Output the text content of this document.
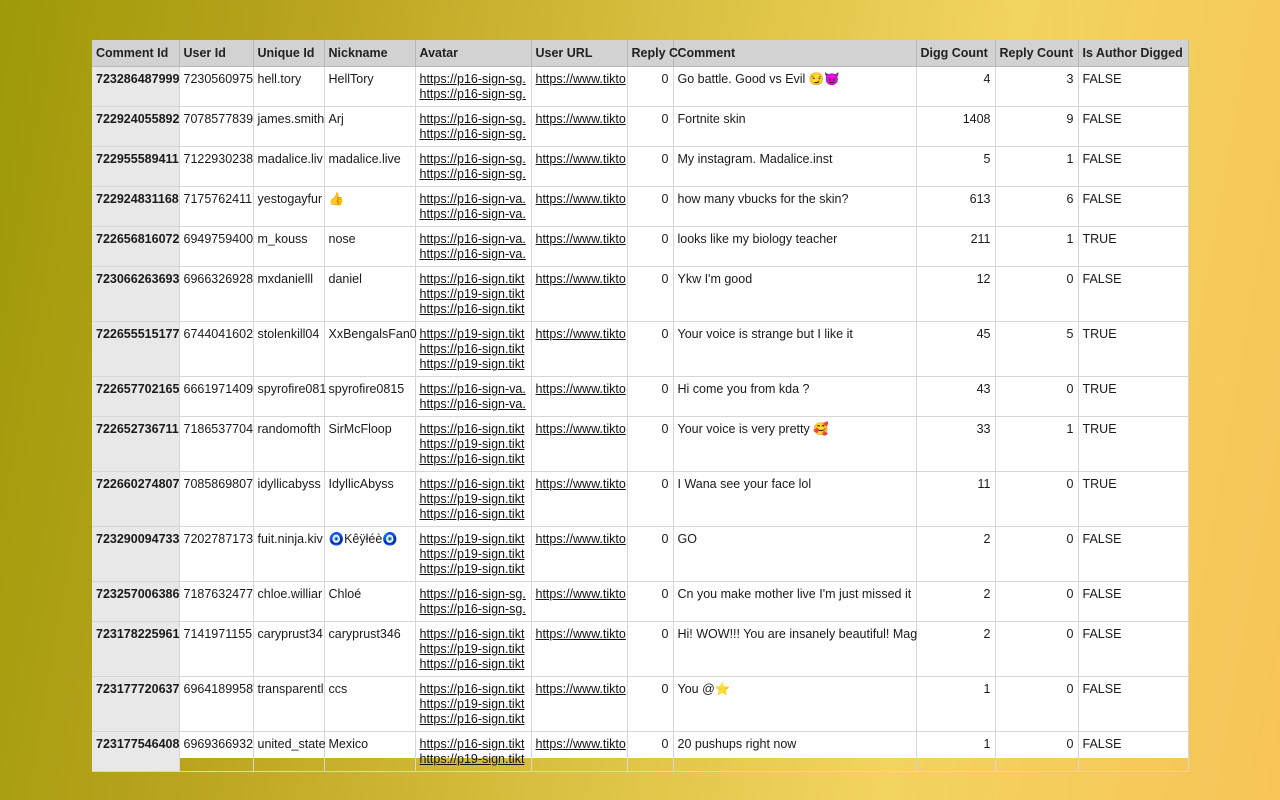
Comment Id	User Id	Unique Id	Nickname	Avatar	User URL	Reply C	Comment	Digg Count	Reply Count	Is Author Digged
723286487999	7230560975	hell.tory	HellTory	https://p16-sign-sg.
https://p16-sign-sg.	https://www.tikto	0	Go battle. Good vs Evil 😏😈	4	3	FALSE
722924055892	7078577839	james.smith	Arj	https://p16-sign-sg.
https://p16-sign-sg.	https://www.tikto	0	Fortnite skin	1408	9	FALSE
722955589411	7122930238	madalice.liv	madalice.live	https://p16-sign-sg.
https://p16-sign-sg.	https://www.tikto	0	My instagram. Madalice.inst	5	1	FALSE
722924831168	7175762411	yestogayfur	👍	https://p16-sign-va.
https://p16-sign-va.	https://www.tikto	0	how many vbucks for the skin?	613	6	FALSE
722656816072	6949759400	m_kouss	nose	https://p16-sign-va.
https://p16-sign-va.	https://www.tikto	0	looks like my biology teacher	211	1	TRUE
723066263693	6966326928	mxdanielll	daniel	https://p16-sign.tikt
https://p19-sign.tikt
https://p16-sign.tikt	https://www.tikto	0	Ykw I'm good	12	0	FALSE
722655515177	6744041602	stolenkill04	XxBengalsFan0	https://p19-sign.tikt
https://p16-sign.tikt
https://p19-sign.tikt	https://www.tikto	0	Your voice is strange but I like it	45	5	TRUE
722657702165	6661971409	spyrofire081	spyrofire0815	https://p16-sign-va.
https://p16-sign-va.	https://www.tikto	0	Hi come you from kda ?	43	0	TRUE
722652736711	7186537704	randomofth	SirMcFloop	https://p16-sign.tikt
https://p19-sign.tikt
https://p16-sign.tikt	https://www.tikto	0	Your voice is very pretty 🥰	33	1	TRUE
722660274807	7085869807	idyllicabyss	IdyllicAbyss	https://p16-sign.tikt
https://p19-sign.tikt
https://p16-sign.tikt	https://www.tikto	0	I Wana see your face lol	11	0	TRUE
723290094733	7202787173	fuit.ninja.kiv	🧿Kêÿłéè🧿	https://p19-sign.tikt
https://p19-sign.tikt
https://p19-sign.tikt	https://www.tikto	0	GO	2	0	FALSE
723257006386	7187632477	chloe.williar	Chloé	https://p16-sign-sg.
https://p16-sign-sg.	https://www.tikto	0	Cn you make mother live I'm just missed it	2	0	FALSE
723178225961	7141971155	caryprust34	caryprust346	https://p16-sign.tikt
https://p19-sign.tikt
https://p16-sign.tikt	https://www.tikto	0	Hi! WOW!!! You are insanely beautiful! Mag	2	0	FALSE
723177720637	6964189958	transparentl	ccs	https://p16-sign.tikt
https://p19-sign.tikt
https://p16-sign.tikt	https://www.tikto	0	You @⭐	1	0	FALSE
723177546408	6969366932	united_state	Mexico	https://p16-sign.tikt
https://p19-sign.tikt	https://www.tikto	0	20 pushups right now	1	0	FALSE
